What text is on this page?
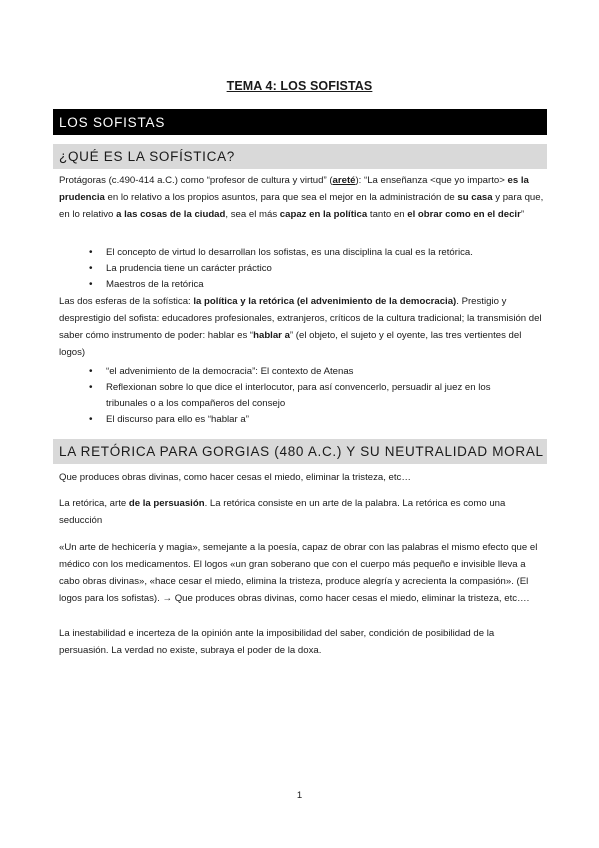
TEMA 4: LOS SOFISTAS
LOS SOFISTAS
¿QUÉ ES LA SOFÍSTICA?

Protágoras (c.490-414 a.C.) como “profesor de cultura y virtud” (areté): “La enseñanza <que yo imparto> es la prudencia en lo relativo a los propios asuntos, para que sea el mejor en la administración de su casa y para que, en lo relativo a las cosas de la ciudad, sea el más capaz en la política tanto en el obrar como en el decir”

• El concepto de virtud lo desarrollan los sofistas, es una disciplina la cual es la retórica.
• La prudencia tiene un carácter práctico
• Maestros de la retórica

Las dos esferas de la sofística: la política y la retórica (el advenimiento de la democracia). Prestigio y desprestigio del sofista: educadores profesionales, extranjeros, críticos de la cultura tradicional; la transmisión del saber cómo instrumento de poder: hablar es “hablar a” (el objeto, el sujeto y el oyente, las tres vertientes del logos)

• “el advenimiento de la democracia”: El contexto de Atenas
• Reflexionan sobre lo que dice el interlocutor, para así convencerlo, persuadir al juez en los tribunales o a los compañeros del consejo
• El discurso para ello es “hablar a”
LA RETÓRICA PARA GORGIAS (480 A.C.) Y SU NEUTRALIDAD MORAL

Que produces obras divinas, como hacer cesas el miedo, eliminar la tristeza, etc…

La retórica, arte de la persuasión. La retórica consiste en un arte de la palabra. La retórica es como una seducción

«Un arte de hechicería y magia», semejante a la poesía, capaz de obrar con las palabras el mismo efecto que el médico con los medicamentos. El logos «un gran soberano que con el cuerpo más pequeño e invisible lleva a cabo obras divinas», «hace cesar el miedo, elimina la tristeza, produce alegría y acrecienta la compasión». (El logos para los sofistas). → Que produces obras divinas, como hacer cesas el miedo, eliminar la tristeza, etc….

La inestabilidad e incerteza de la opinión ante la imposibilidad del saber, condición de posibilidad de la persuasión. La verdad no existe, subraya el poder de la doxa.

1
